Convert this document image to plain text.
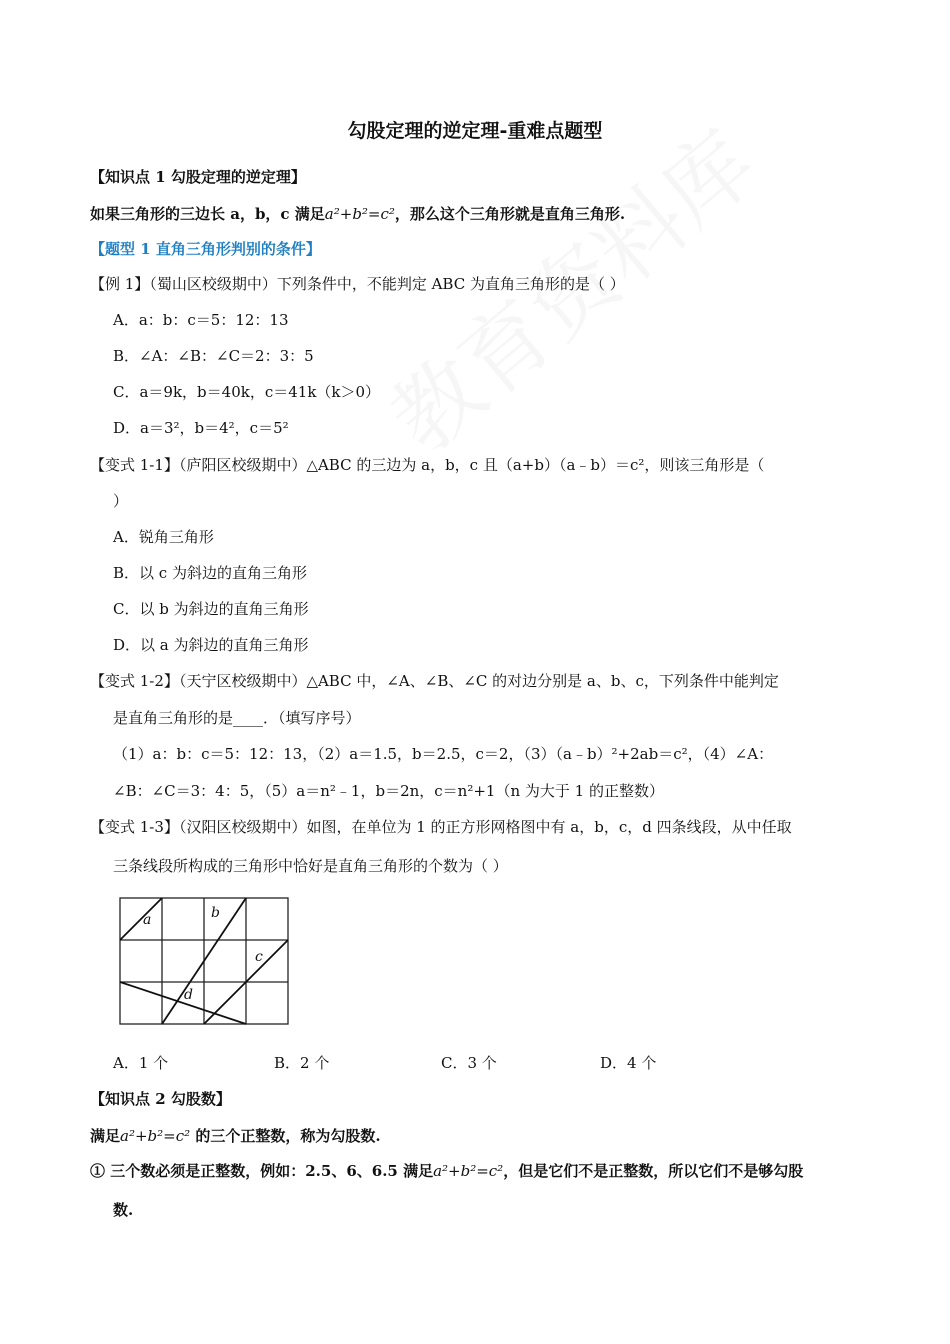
勾股定理的逆定理-重难点题型
【知识点 1 勾股定理的逆定理】
如果三角形的三边长 a，b，c 满足a²+b²=c²，那么这个三角形就是直角三角形.
【题型 1 直角三角形判别的条件】
【例 1】（蜀山区校级期中）下列条件中，不能判定 ABC 为直角三角形的是（ ）
A．a：b：c＝5：12：13
B．∠A：∠B：∠C＝2：3：5
C．a＝9k，b＝40k，c＝41k（k＞0）
D．a＝3²，b＝4²，c＝5²
【变式 1-1】（庐阳区校级期中）△ABC 的三边为 a，b，c 且（a+b）（a﹣b）＝c²，则该三角形是（
）
A．锐角三角形
B．以 c 为斜边的直角三角形
C．以 b 为斜边的直角三角形
D．以 a 为斜边的直角三角形
【变式 1-2】（天宁区校级期中）△ABC 中，∠A、∠B、∠C 的对边分别是 a、b、c，下列条件中能判定
是直角三角形的是____．（填写序号）
（1）a：b：c＝5：12：13，（2）a＝1.5，b＝2.5，c＝2，（3）（a﹣b）²+2ab＝c²，（4）∠A：
∠B：∠C＝3：4：5，（5）a＝n²﹣1，b＝2n，c＝n²+1（n 为大于 1 的正整数）
【变式 1-3】（汉阳区校级期中）如图，在单位为 1 的正方形网格图中有 a，b，c，d 四条线段，从中任取
三条线段所构成的三角形中恰好是直角三角形的个数为（ ）
a	b
c
d
A．1 个	B．2 个	C．3 个	D．4 个
【知识点 2 勾股数】
满足a²+b²=c² 的三个正整数，称为勾股数.
① 三个数必须是正整数，例如：2.5、6、6.5 满足a²+b²=c²，但是它们不是正整数，所以它们不是够勾股
数.
